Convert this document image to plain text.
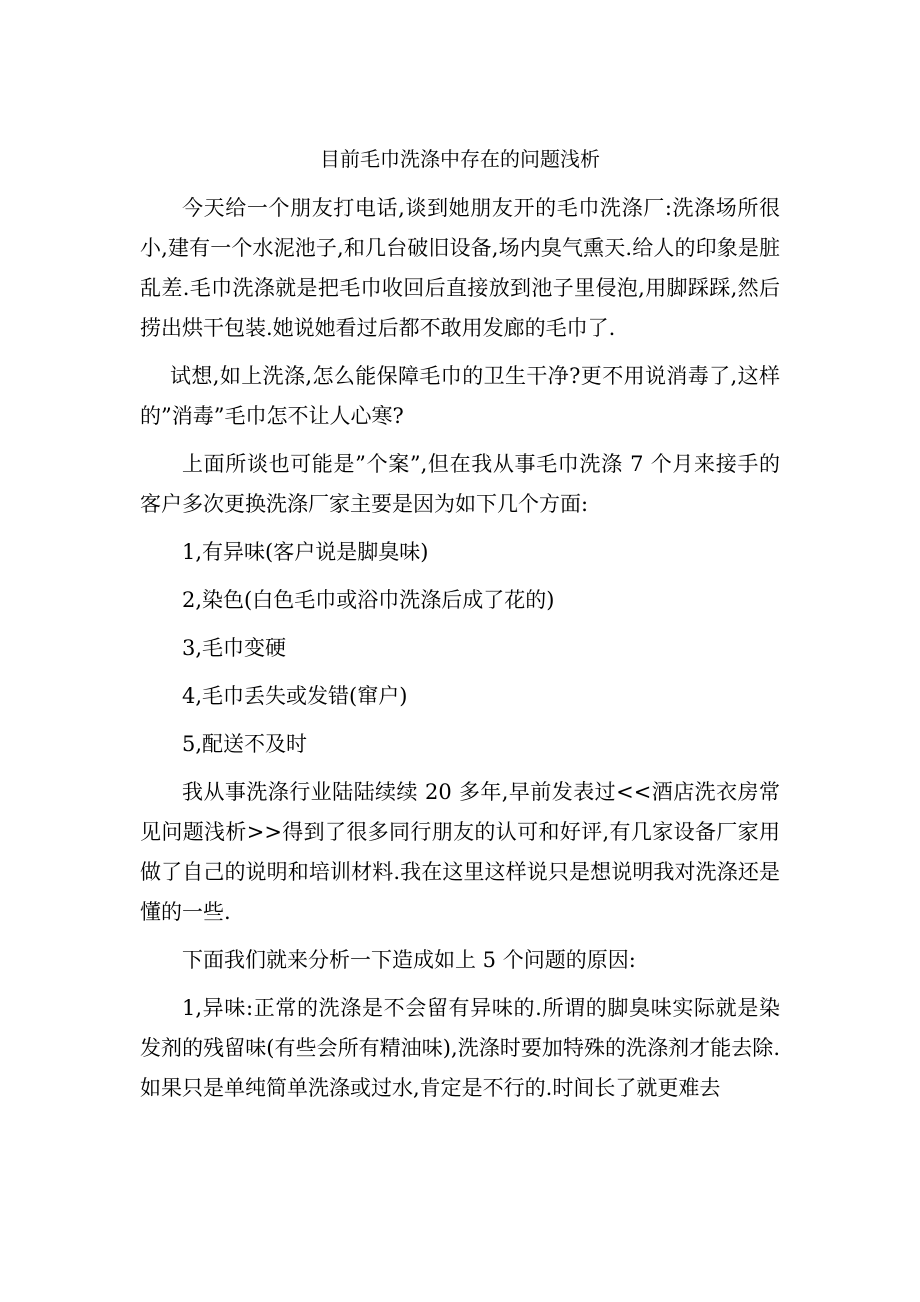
目前毛巾洗涤中存在的问题浅析

今天给一个朋友打电话,谈到她朋友开的毛巾洗涤厂:洗涤场所很小,建有一个水泥池子,和几台破旧设备,场内臭气熏天.给人的印象是脏乱差.毛巾洗涤就是把毛巾收回后直接放到池子里侵泡,用脚踩踩,然后捞出烘干包装.她说她看过后都不敢用发廊的毛巾了.

试想,如上洗涤,怎么能保障毛巾的卫生干净?更不用说消毒了,这样的”消毒”毛巾怎不让人心寒?

上面所谈也可能是”个案”,但在我从事毛巾洗涤 7 个月来接手的客户多次更换洗涤厂家主要是因为如下几个方面:

1,有异味(客户说是脚臭味)
2,染色(白色毛巾或浴巾洗涤后成了花的)
3,毛巾变硬
4,毛巾丢失或发错(窜户)
5,配送不及时

我从事洗涤行业陆陆续续 20 多年,早前发表过<<酒店洗衣房常见问题浅析>>得到了很多同行朋友的认可和好评,有几家设备厂家用做了自己的说明和培训材料.我在这里这样说只是想说明我对洗涤还是懂的一些.

下面我们就来分析一下造成如上 5 个问题的原因:

1,异味:正常的洗涤是不会留有异味的.所谓的脚臭味实际就是染发剂的残留味(有些会所有精油味),洗涤时要加特殊的洗涤剂才能去除.如果只是单纯简单洗涤或过水,肯定是不行的.时间长了就更难去
